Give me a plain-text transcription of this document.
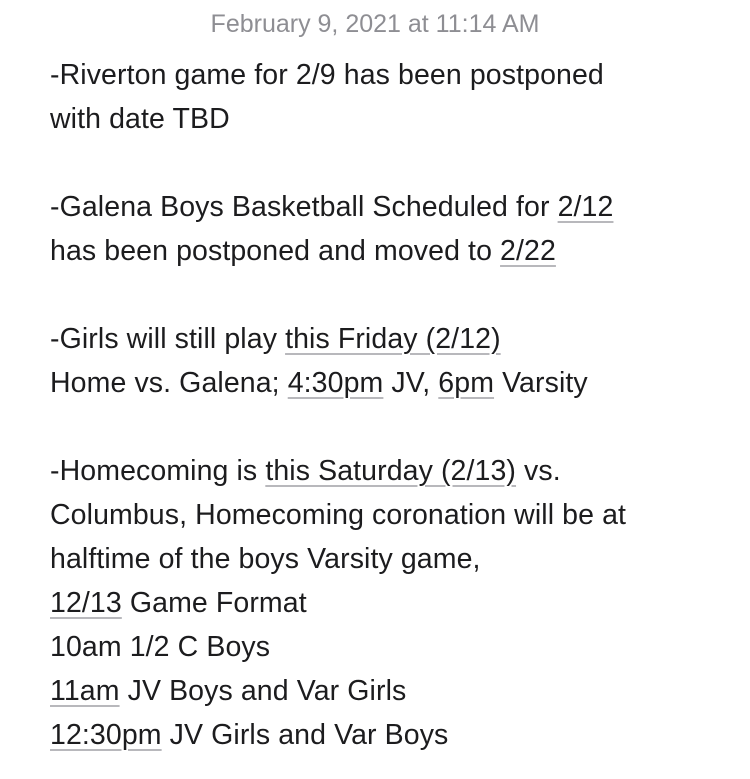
February 9, 2021 at 11:14 AM
-Riverton game for 2/9 has been postponed
with date TBD
-Galena Boys Basketball Scheduled for 2/12
has been postponed and moved to 2/22
-Girls will still play this Friday (2/12)
Home vs. Galena; 4:30pm JV, 6pm Varsity
-Homecoming is this Saturday (2/13) vs.
Columbus, Homecoming coronation will be at
halftime of the boys Varsity game,
12/13 Game Format
10am 1/2 C Boys
11am JV Boys and Var Girls
12:30pm JV Girls and Var Boys
